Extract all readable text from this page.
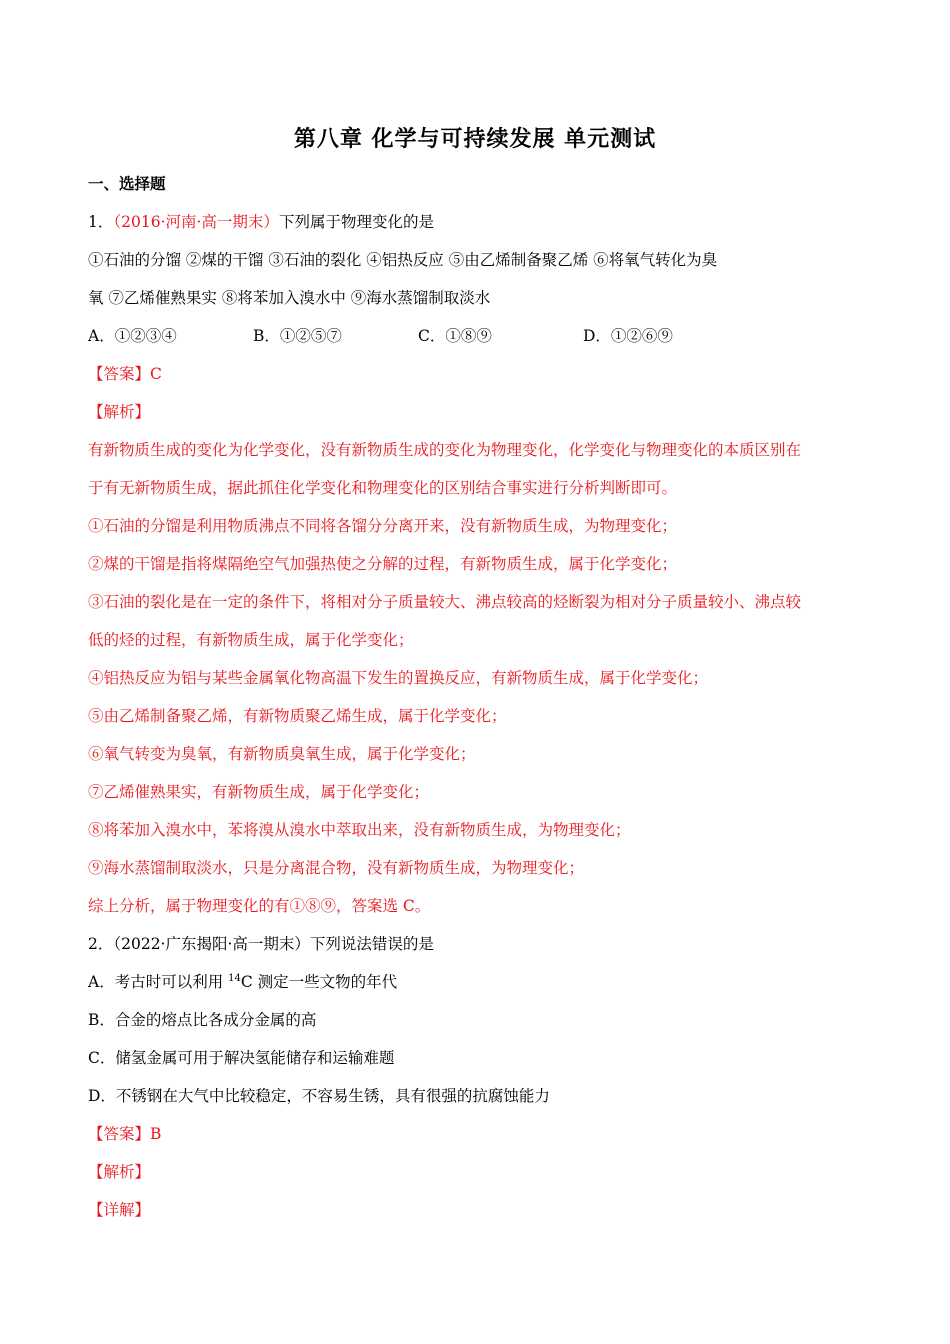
第八章 化学与可持续发展 单元测试
一、选择题
1．（2016·河南·高一期末）下列属于物理变化的是
①石油的分馏 ②煤的干馏 ③石油的裂化 ④铝热反应 ⑤由乙烯制备聚乙烯 ⑥将氧气转化为臭
氧 ⑦乙烯催熟果实 ⑧将苯加入溴水中 ⑨海水蒸馏制取淡水
A．①②③④	B．①②⑤⑦	C．①⑧⑨	D．①②⑥⑨
【答案】C
【解析】
有新物质生成的变化为化学变化，没有新物质生成的变化为物理变化，化学变化与物理变化的本质区别在
于有无新物质生成，据此抓住化学变化和物理变化的区别结合事实进行分析判断即可。
①石油的分馏是利用物质沸点不同将各馏分分离开来，没有新物质生成，为物理变化；
②煤的干馏是指将煤隔绝空气加强热使之分解的过程，有新物质生成，属于化学变化；
③石油的裂化是在一定的条件下，将相对分子质量较大、沸点较高的烃断裂为相对分子质量较小、沸点较
低的烃的过程，有新物质生成，属于化学变化；
④铝热反应为铝与某些金属氧化物高温下发生的置换反应，有新物质生成，属于化学变化；
⑤由乙烯制备聚乙烯，有新物质聚乙烯生成，属于化学变化；
⑥氧气转变为臭氧，有新物质臭氧生成，属于化学变化；
⑦乙烯催熟果实，有新物质生成，属于化学变化；
⑧将苯加入溴水中，苯将溴从溴水中萃取出来，没有新物质生成，为物理变化；
⑨海水蒸馏制取淡水，只是分离混合物，没有新物质生成，为物理变化；
综上分析，属于物理变化的有①⑧⑨，答案选 C。
2．（2022·广东揭阳·高一期末）下列说法错误的是
A．考古时可以利用 $^{14}$C 测定一些文物的年代
B．合金的熔点比各成分金属的高
C．储氢金属可用于解决氢能储存和运输难题
D．不锈钢在大气中比较稳定，不容易生锈，具有很强的抗腐蚀能力
【答案】B
【解析】
【详解】
